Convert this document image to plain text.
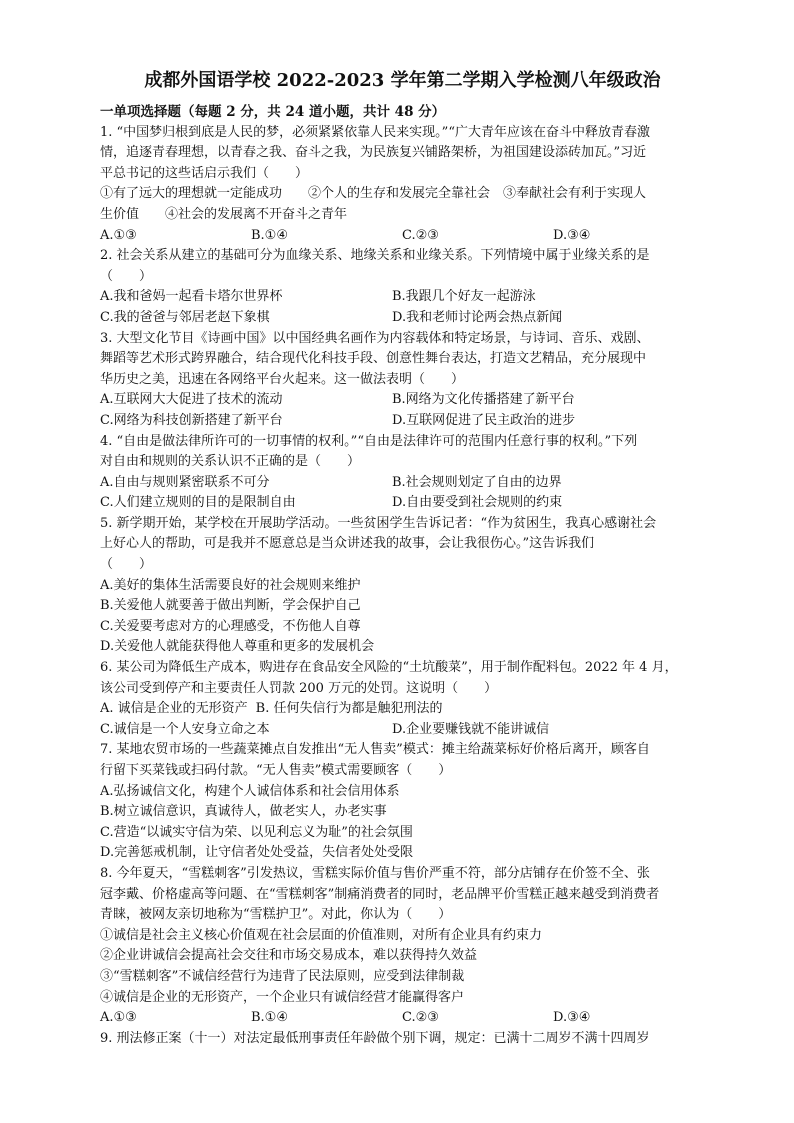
成都外国语学校 2022-2023 学年第二学期入学检测八年级政治
一单项选择题（每题 2 分，共 24 道小题，共计 48 分）
1. “中国梦归根到底是人民的梦，必须紧紧依靠人民来实现。”“广大青年应该在奋斗中释放青春激
情，追逐青春理想，以青春之我、奋斗之我，为民族复兴铺路架桥，为祖国建设添砖加瓦。”习近
平总书记的这些话启示我们（　　）
①有了远大的理想就一定能成功　　②个人的生存和发展完全靠社会　③奉献社会有利于实现人
生价值　　④社会的发展离不开奋斗之青年
A.①③	B.①④	C.②③	D.③④
2. 社会关系从建立的基础可分为血缘关系、地缘关系和业缘关系。下列情境中属于业缘关系的是
（　　）
A.我和爸妈一起看卡塔尔世界杯	B.我跟几个好友一起游泳
C.我的爸爸与邻居老赵下象棋	D.我和老师讨论两会热点新闻
3. 大型文化节目《诗画中国》以中国经典名画作为内容载体和特定场景，与诗词、音乐、戏剧、
舞蹈等艺术形式跨界融合，结合现代化科技手段、创意性舞台表达，打造文艺精品，充分展现中
华历史之美，迅速在各网络平台火起来。这一做法表明（　　）
A.互联网大大促进了技术的流动	B.网络为文化传播搭建了新平台
C.网络为科技创新搭建了新平台	D.互联网促进了民主政治的进步
4. “自由是做法律所许可的一切事情的权利。”“自由是法律许可的范围内任意行事的权利。”下列
对自由和规则的关系认识不正确的是（　　）
A.自由与规则紧密联系不可分	B.社会规则划定了自由的边界
C.人们建立规则的目的是限制自由	D.自由要受到社会规则的约束
5. 新学期开始，某学校在开展助学活动。一些贫困学生告诉记者：“作为贫困生，我真心感谢社会
上好心人的帮助，可是我并不愿意总是当众讲述我的故事，会让我很伤心。”这告诉我们
（　　）
A.美好的集体生活需要良好的社会规则来维护
B.关爱他人就要善于做出判断，学会保护自己
C.关爱要考虑对方的心理感受，不伤他人自尊
D.关爱他人就能获得他人尊重和更多的发展机会
6. 某公司为降低生产成本，购进存在食品安全风险的“土坑酸菜”，用于制作配料包。2022 年 4 月，
该公司受到停产和主要责任人罚款 200 万元的处罚。这说明（　　）
A. 诚信是企业的无形资产 B. 任何失信行为都是触犯刑法的
C.诚信是一个人安身立命之本	D.企业要赚钱就不能讲诚信
7. 某地农贸市场的一些蔬菜摊点自发推出“无人售卖”模式：摊主给蔬菜标好价格后离开，顾客自
行留下买菜钱或扫码付款。“无人售卖”模式需要顾客（　　）
A.弘扬诚信文化，构建个人诚信体系和社会信用体系
B.树立诚信意识，真诚待人，做老实人，办老实事
C.营造“以诚实守信为荣、以见利忘义为耻”的社会氛围
D.完善惩戒机制，让守信者处处受益，失信者处处受限
8. 今年夏天，“雪糕刺客”引发热议，雪糕实际价值与售价严重不符，部分店铺存在价签不全、张
冠李戴、价格虚高等问题、在“雪糕刺客”制痛消费者的同时，老品牌平价雪糕正越来越受到消费者
青睐，被网友亲切地称为“雪糕护卫”。对此，你认为（　　）
①诚信是社会主义核心价值观在社会层面的价值准则，对所有企业具有约束力
②企业讲诚信会提高社会交往和市场交易成本，难以获得持久效益
③“雪糕刺客”不诚信经营行为违背了民法原则，应受到法律制裁
④诚信是企业的无形资产，一个企业只有诚信经营才能赢得客户
A.①③	B.①④	C.②③	D.③④
9. 刑法修正案（十一）对法定最低刑事责任年龄做个别下调，规定：已满十二周岁不满十四周岁
